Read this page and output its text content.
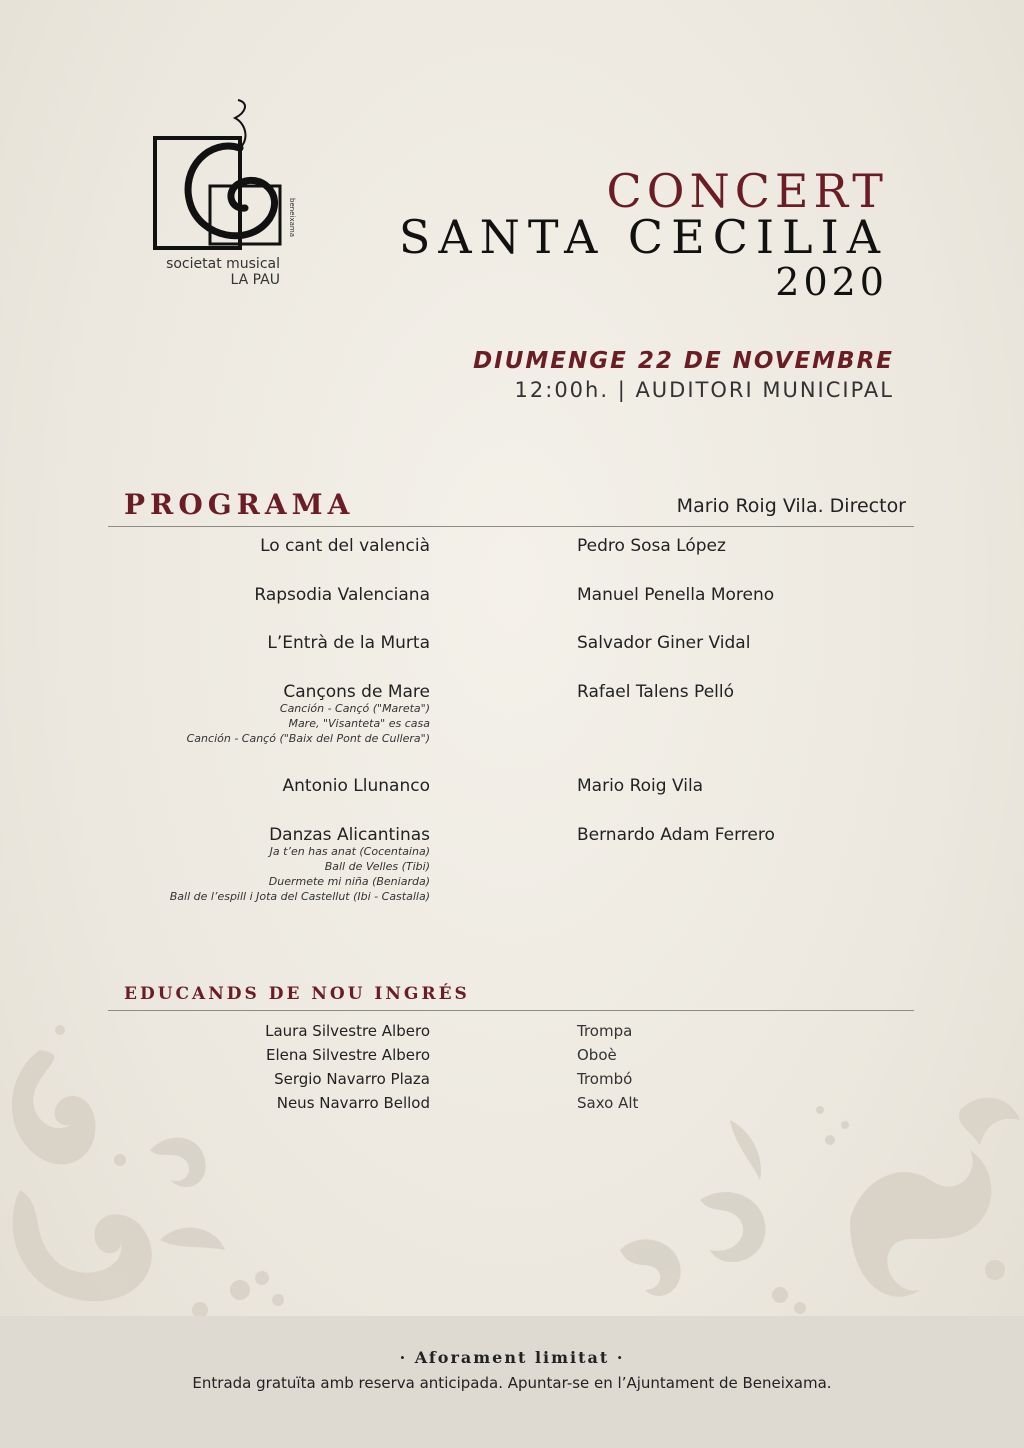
beneixama
societat musical
LA PAU
CONCERT
SANTA CECILIA
2020
DIUMENGE 22 DE NOVEMBRE
12:00h. | AUDITORI MUNICIPAL
PROGRAMA	Mario Roig Vila. Director
Lo cant del valencià	Pedro Sosa López
Rapsodia Valenciana	Manuel Penella Moreno
L’Entrà de la Murta	Salvador Giner Vidal
Cançons de Mare	Rafael Talens Pelló
Canción - Cançó ("Mareta")
Mare, "Visanteta" es casa
Canción - Cançó ("Baix del Pont de Cullera")
Antonio Llunanco	Mario Roig Vila
Danzas Alicantinas	Bernardo Adam Ferrero
Ja t’en has anat (Cocentaina)
Ball de Velles (Tibi)
Duermete mi niña (Beniarda)
Ball de l’espill i Jota del Castellut (Ibi - Castalla)
EDUCANDS DE NOU INGRÉS
Laura Silvestre Albero	Trompa
Elena Silvestre Albero	Oboè
Sergio Navarro Plaza	Trombó
Neus Navarro Bellod	Saxo Alt
· Aforament limitat ·
Entrada gratuïta amb reserva anticipada. Apuntar-se en l’Ajuntament de Beneixama.
